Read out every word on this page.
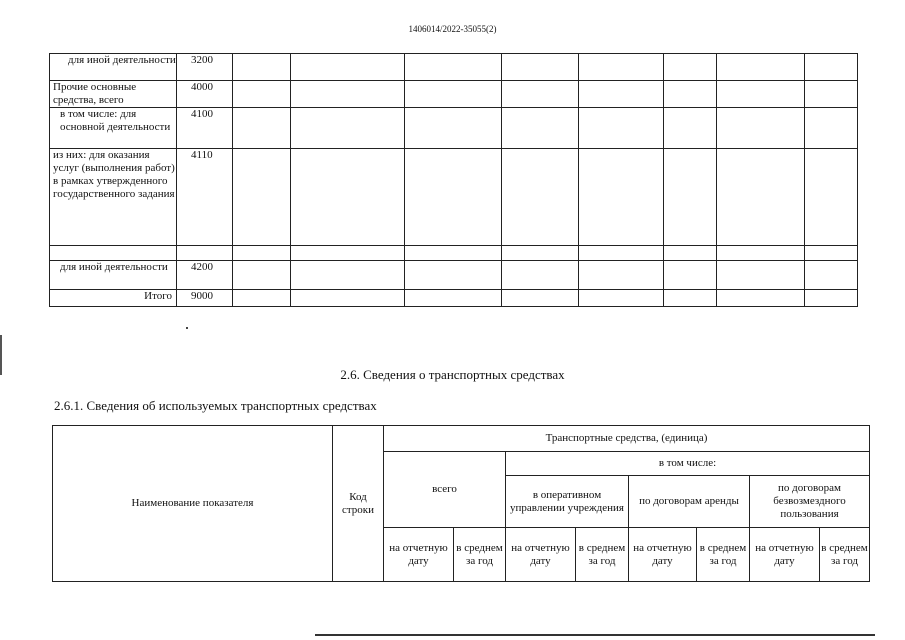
1406014/2022-35055(2)
для иной деятельности	3200								
Прочие основные средства, всего	4000								
в том числе: для основной деятельности	4100								
из них: для оказания услуг (выполнения работ) в рамках утвержденного государственного задания	4110								

для иной деятельности	4200								
Итого	9000								
2.6. Сведения о транспортных средствах
2.6.1. Сведения об используемых транспортных средствах
Наименование показателя	Код строки	Транспортные средства, (единица)							
		всего		в том числе:					
				в оперативном управлении учреждения		по договорам аренды		по договорам безвозмездного пользования	
		на отчетную дату	в среднем за год	на отчетную дату	в среднем за год	на отчетную дату	в среднем за год	на отчетную дату	в среднем за год
